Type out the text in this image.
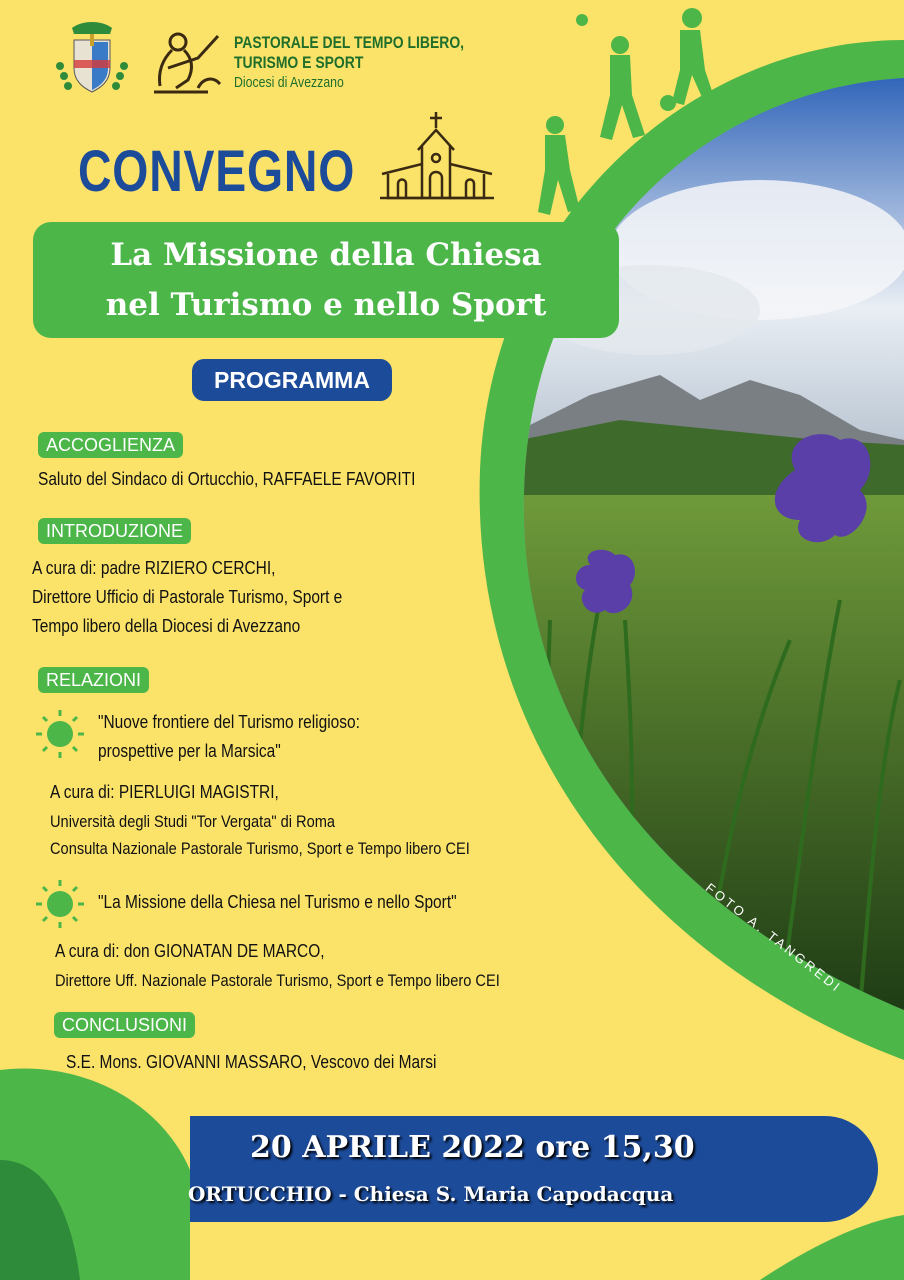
PASTORALE DEL TEMPO LIBERO,
TURISMO E SPORT
Diocesi di Avezzano
CONVEGNO
La Missione della Chiesa
nel Turismo e nello Sport
PROGRAMMA
ACCOGLIENZA
Saluto del Sindaco di Ortucchio, RAFFAELE FAVORITI
INTRODUZIONE
A cura di: padre RIZIERO CERCHI,
Direttore Ufficio di Pastorale Turismo, Sport e
Tempo libero della Diocesi di Avezzano
RELAZIONI
"Nuove frontiere del Turismo religioso:
prospettive per la Marsica"
A cura di: PIERLUIGI MAGISTRI,
Università degli Studi "Tor Vergata" di Roma
Consulta Nazionale Pastorale Turismo, Sport e Tempo libero CEI
"La Missione della Chiesa nel Turismo e nello Sport"
A cura di: don GIONATAN DE MARCO,
Direttore Uff. Nazionale Pastorale Turismo, Sport e Tempo libero CEI
CONCLUSIONI
S.E. Mons. GIOVANNI MASSARO, Vescovo dei Marsi
FOTO A. TANGREDI
20 APRILE 2022 ore 15,30
ORTUCCHIO - Chiesa S. Maria Capodacqua
